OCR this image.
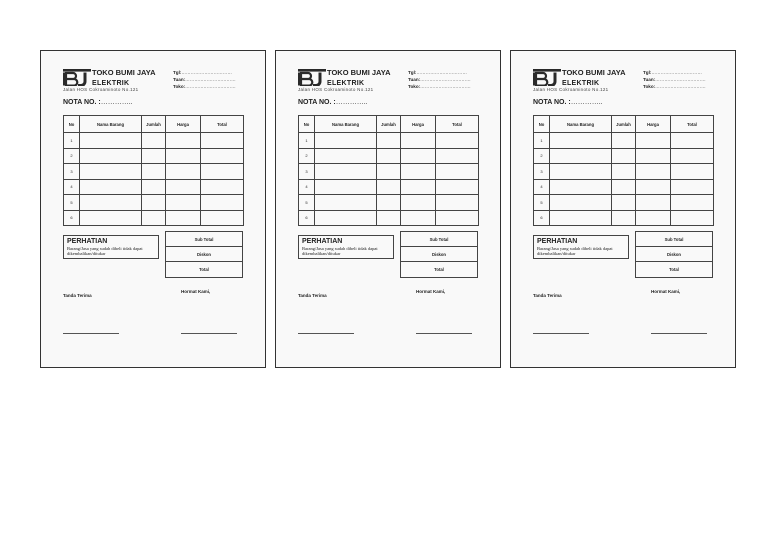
TOKO BUMI JAYA
ELEKTRIK
Jalan HOS Cokroaminoto No.121
Tgl:……………………………
Tuan:……………………………
Toko:……………………………
NOTA NO. :…………..
No	Nama Barang	Jumlah	Harga	Total
1				
2				
3				
4				
5				
6				
Sub Total
Diskon
Total
PERHATIAN
Barang/Jasa yang sudah dibeli tidak dapat dikembalikan/ditukar
Tanda Terima
Hormat Kami,
TOKO BUMI JAYA
ELEKTRIK
Jalan HOS Cokroaminoto No.121
Tgl:……………………………
Tuan:……………………………
Toko:……………………………
NOTA NO. :…………..
No	Nama Barang	Jumlah	Harga	Total
1				
2				
3				
4				
5				
6				
Sub Total
Diskon
Total
PERHATIAN
Barang/Jasa yang sudah dibeli tidak dapat dikembalikan/ditukar
Tanda Terima
Hormat Kami,
TOKO BUMI JAYA
ELEKTRIK
Jalan HOS Cokroaminoto No.121
Tgl:……………………………
Tuan:……………………………
Toko:……………………………
NOTA NO. :…………..
No	Nama Barang	Jumlah	Harga	Total
1				
2				
3				
4				
5				
6				
Sub Total
Diskon
Total
PERHATIAN
Barang/Jasa yang sudah dibeli tidak dapat dikembalikan/ditukar
Tanda Terima
Hormat Kami,
